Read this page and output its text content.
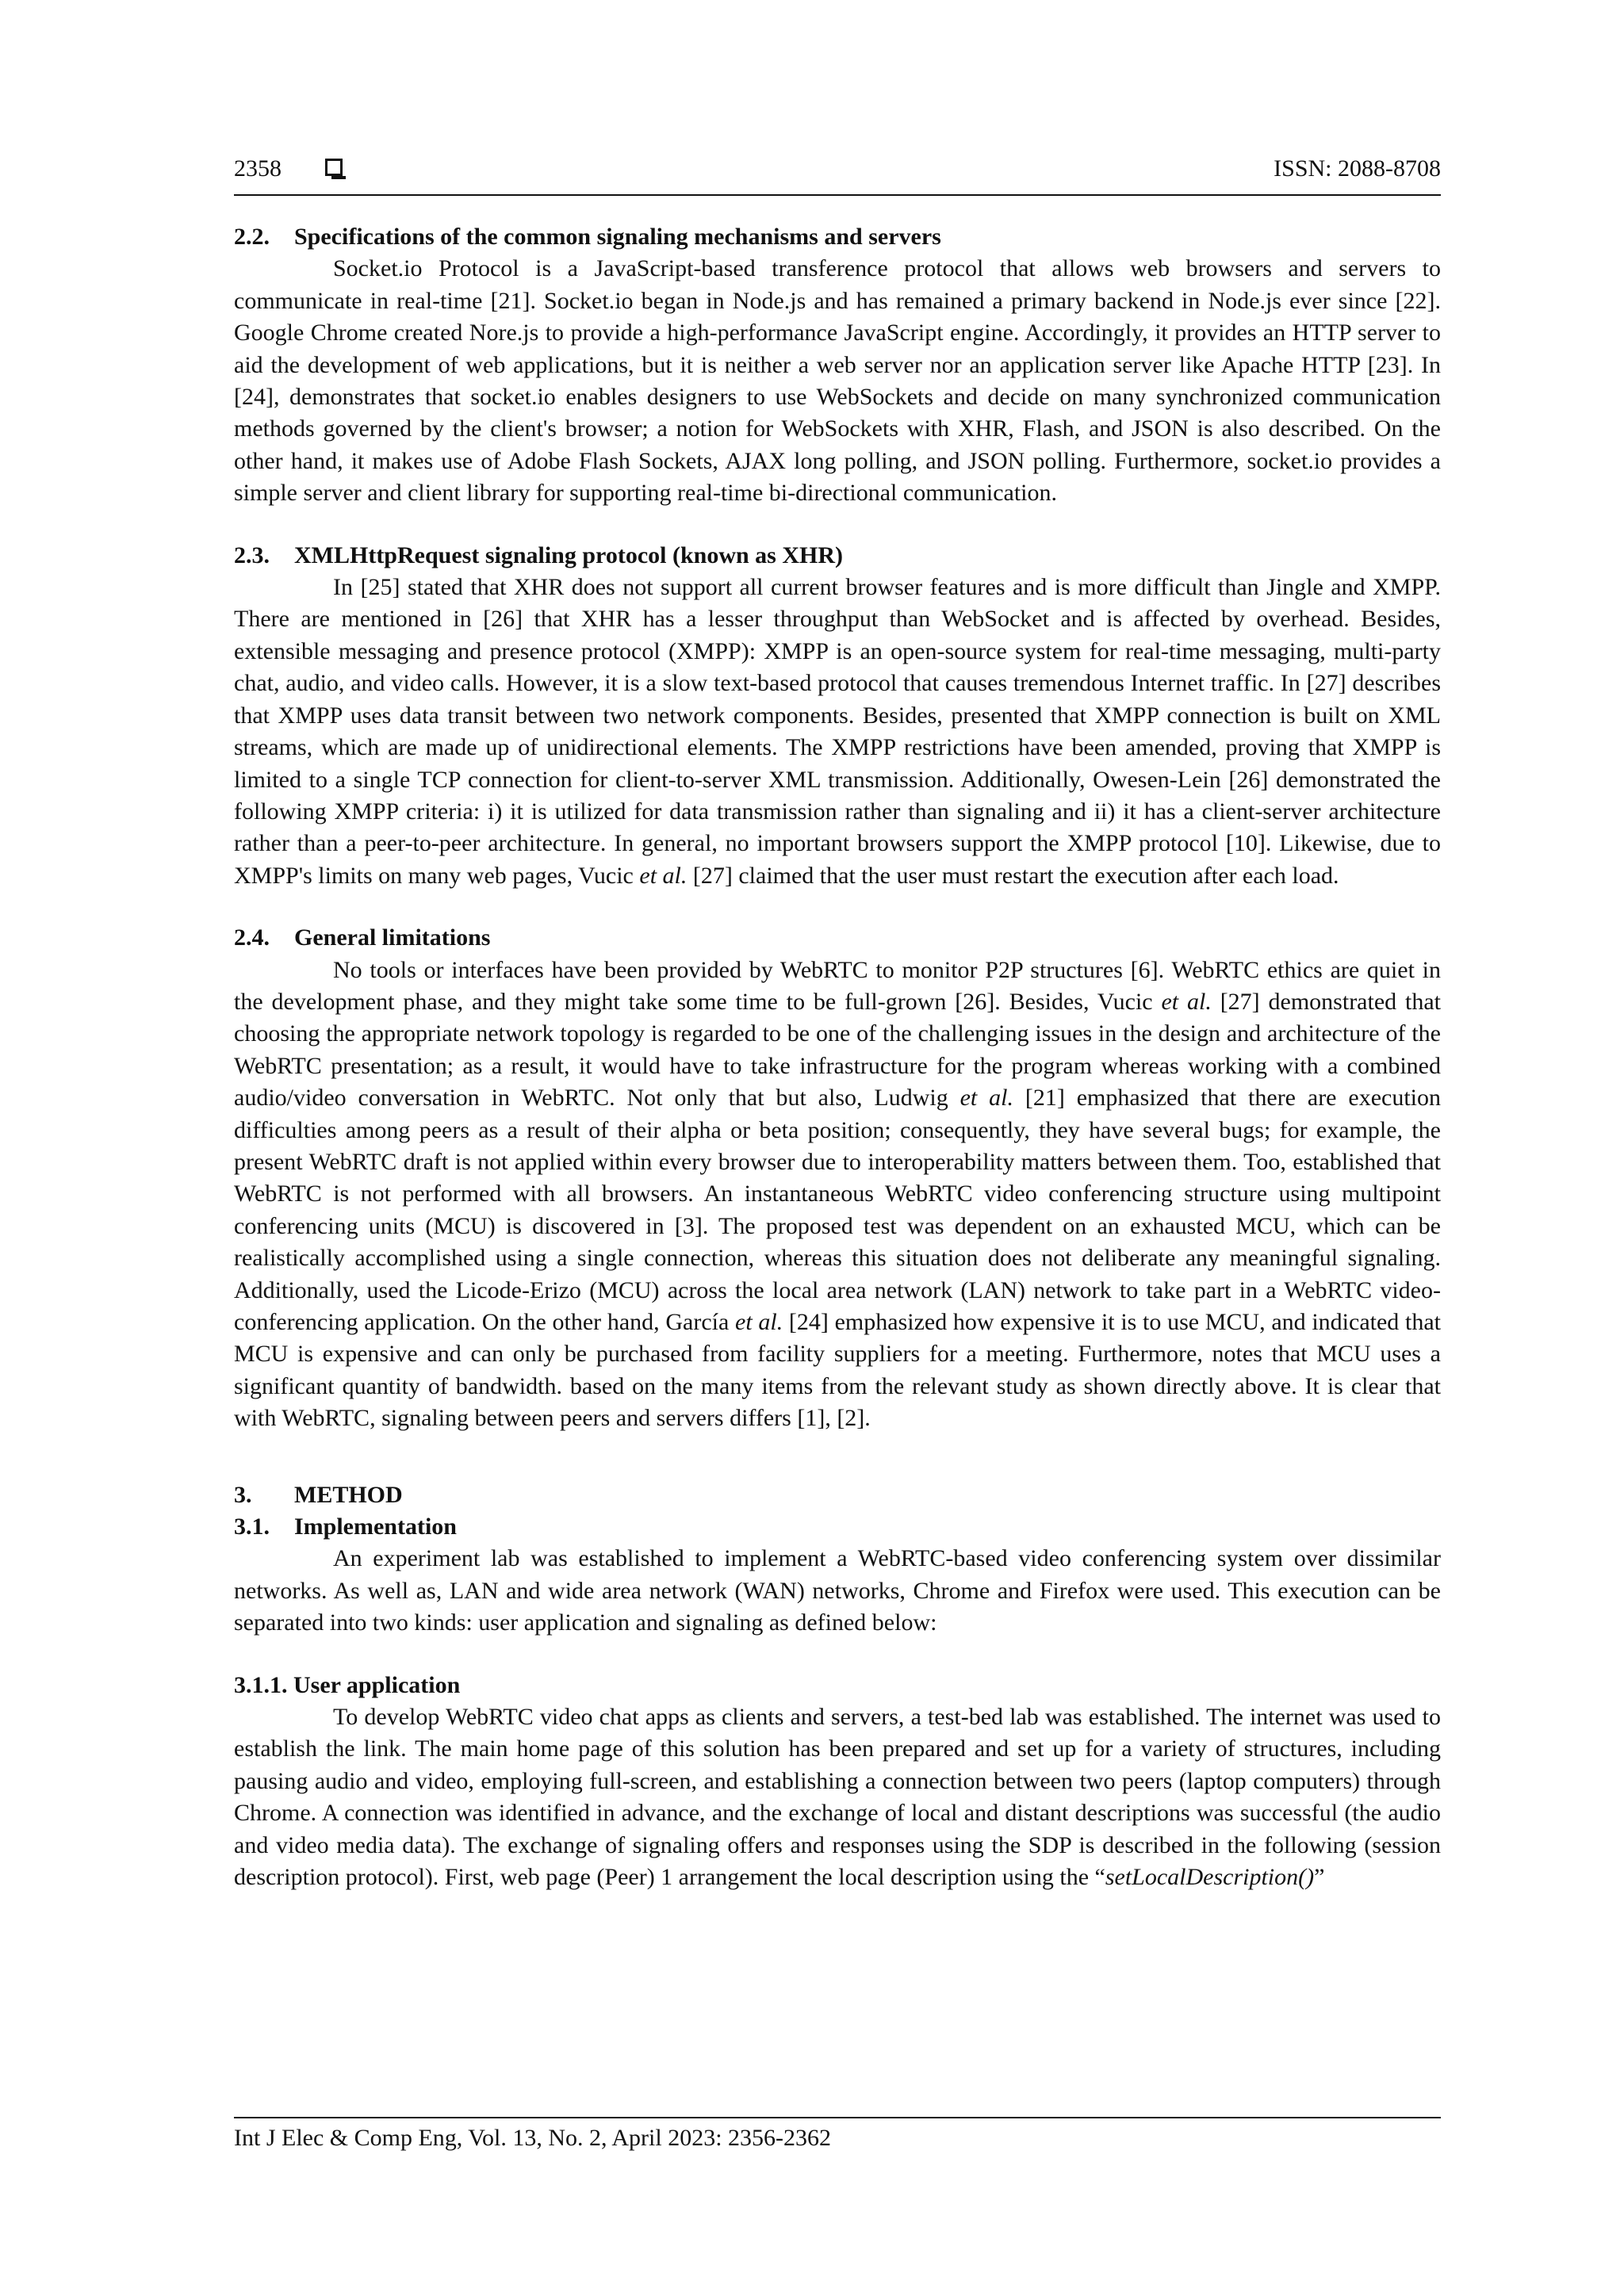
2358	ISSN: 2088-8708
2.2. Specifications of the common signaling mechanisms and servers

Socket.io Protocol is a JavaScript-based transference protocol that allows web browsers and servers to communicate in real-time [21]. Socket.io began in Node.js and has remained a primary backend in Node.js ever since [22]. Google Chrome created Nore.js to provide a high-performance JavaScript engine. Accordingly, it provides an HTTP server to aid the development of web applications, but it is neither a web server nor an application server like Apache HTTP [23]. In [24], demonstrates that socket.io enables designers to use WebSockets and decide on many synchronized communication methods governed by the client's browser; a notion for WebSockets with XHR, Flash, and JSON is also described. On the other hand, it makes use of Adobe Flash Sockets, AJAX long polling, and JSON polling. Furthermore, socket.io provides a simple server and client library for supporting real-time bi-directional communication.

2.3. XMLHttpRequest signaling protocol (known as XHR)

In [25] stated that XHR does not support all current browser features and is more difficult than Jingle and XMPP. There are mentioned in [26] that XHR has a lesser throughput than WebSocket and is affected by overhead. Besides, extensible messaging and presence protocol (XMPP): XMPP is an open-source system for real-time messaging, multi-party chat, audio, and video calls. However, it is a slow text-based protocol that causes tremendous Internet traffic. In [27] describes that XMPP uses data transit between two network components. Besides, presented that XMPP connection is built on XML streams, which are made up of unidirectional elements. The XMPP restrictions have been amended, proving that XMPP is limited to a single TCP connection for client-to-server XML transmission. Additionally, Owesen-Lein [26] demonstrated the following XMPP criteria: i) it is utilized for data transmission rather than signaling and ii) it has a client-server architecture rather than a peer-to-peer architecture. In general, no important browsers support the XMPP protocol [10]. Likewise, due to XMPP's limits on many web pages, Vucic et al. [27] claimed that the user must restart the execution after each load.

2.4. General limitations

No tools or interfaces have been provided by WebRTC to monitor P2P structures [6]. WebRTC ethics are quiet in the development phase, and they might take some time to be full-grown [26]. Besides, Vucic et al. [27] demonstrated that choosing the appropriate network topology is regarded to be one of the challenging issues in the design and architecture of the WebRTC presentation; as a result, it would have to take infrastructure for the program whereas working with a combined audio/video conversation in WebRTC. Not only that but also, Ludwig et al. [21] emphasized that there are execution difficulties among peers as a result of their alpha or beta position; consequently, they have several bugs; for example, the present WebRTC draft is not applied within every browser due to interoperability matters between them. Too, established that WebRTC is not performed with all browsers. An instantaneous WebRTC video conferencing structure using multipoint conferencing units (MCU) is discovered in [3]. The proposed test was dependent on an exhausted MCU, which can be realistically accomplished using a single connection, whereas this situation does not deliberate any meaningful signaling. Additionally, used the Licode-Erizo (MCU) across the local area network (LAN) network to take part in a WebRTC video-conferencing application. On the other hand, García et al. [24] emphasized how expensive it is to use MCU, and indicated that MCU is expensive and can only be purchased from facility suppliers for a meeting. Furthermore, notes that MCU uses a significant quantity of bandwidth. based on the many items from the relevant study as shown directly above. It is clear that with WebRTC, signaling between peers and servers differs [1], [2].

3. METHOD
3.1. Implementation

An experiment lab was established to implement a WebRTC-based video conferencing system over dissimilar networks. As well as, LAN and wide area network (WAN) networks, Chrome and Firefox were used. This execution can be separated into two kinds: user application and signaling as defined below:

3.1.1. User application

To develop WebRTC video chat apps as clients and servers, a test-bed lab was established. The internet was used to establish the link. The main home page of this solution has been prepared and set up for a variety of structures, including pausing audio and video, employing full-screen, and establishing a connection between two peers (laptop computers) through Chrome. A connection was identified in advance, and the exchange of local and distant descriptions was successful (the audio and video media data). The exchange of signaling offers and responses using the SDP is described in the following (session description protocol). First, web page (Peer) 1 arrangement the local description using the “setLocalDescription()”

Int J Elec & Comp Eng, Vol. 13, No. 2, April 2023: 2356-2362
